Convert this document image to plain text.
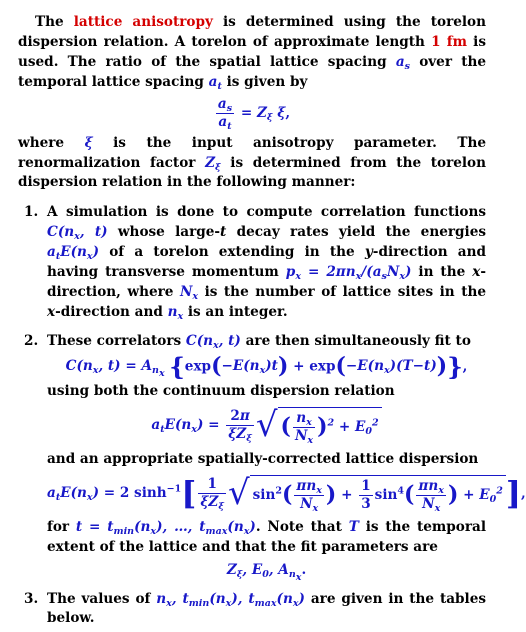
The lattice anisotropy is determined using the torelon dispersion relation. A torelon of approximate length 1 fm is used. The ratio of the spatial lattice spacing $a_s$ over the temporal lattice spacing $a_t$ is given by

$\frac{a_s}{a_t} = Z_\xi$ ξ,

where ξ is the input anisotropy parameter. The renormalization factor $Z_\xi$ is determined from the torelon dispersion relation in the following manner:

1. A simulation is done to compute correlation functions $C(n_x$, t) whose large-t decay rates yield the energies $a_tE(n_x)$ of a torelon extending in the y-direction and having transverse momentum $p_x = 2\pi n_x/(a_sN_x)$ in the x-direction, where $N_x$ is the number of lattice sites in the x-direction and $n_x$ is an integer.

2. These correlators $C(n_x$, t) are then simultaneously fit to

$C(n_x$, $t) = A_{n_x}$ $\{\exp(-E(n_x)t) + \exp(-E(n_x)(T-t))\}$,

using both the continuum dispersion relation

$a_tE(n_x) = \frac{2\pi}{\xi Z_\xi}$ √ ( $\frac{n_x}{N_x} )^2 + E_0^2$

and an appropriate spatially-corrected lattice dispersion

$a_tE(n_x) = 2$ $\sinh^{-1}[ \frac{1}{\xi Z_\xi}$ √ $\sin^2( \frac{\pi n_x}{N_x}$ ) + $\frac{1}{3} \sin^4( \frac{\pi n_x}{N_x}$ ) + $E_0^2$],

for $t = t_{min}(n_x)$, …, $t_{max}(n_x)$. Note that T is the temporal extent of the lattice and that the fit parameters are

$Z_\xi$, $E_0$, $A_{n_x}$.
3. The values of $n_x$, $t_{min}(n_x)$, $t_{max}(n_x)$ are given in the tables below.
